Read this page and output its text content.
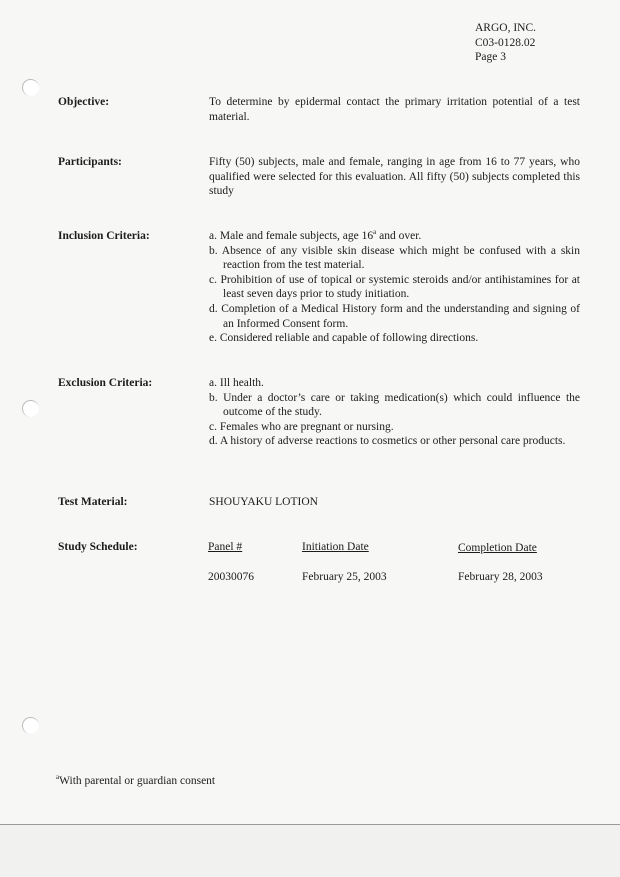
ARGO, INC.
C03-0128.02
Page 3
Objective:	To determine by epidermal contact the primary irritation potential of a test material.
Participants:	Fifty (50) subjects, male and female, ranging in age from 16 to 77 years, who qualified were selected for this evaluation. All fifty (50) subjects completed this study
Inclusion Criteria:	a. Male and female subjects, age 16$^a$ and over.
b. Absence of any visible skin disease which might be confused with a skin reaction from the test material.
c. Prohibition of use of topical or systemic steroids and/or antihistamines for at least seven days prior to study initiation.
d. Completion of a Medical History form and the understanding and signing of an Informed Consent form.
e. Considered reliable and capable of following directions.
Exclusion Criteria:	a. Ill health.
b. Under a doctor’s care or taking medication(s) which could influence the outcome of the study.
c. Females who are pregnant or nursing.
d. A history of adverse reactions to cosmetics or other personal care products.
Test Material:	SHOUYAKU LOTION
Study Schedule:	Panel #	Initiation Date	Completion Date
20030076	February 25, 2003	February 28, 2003
$^a$With parental or guardian consent
